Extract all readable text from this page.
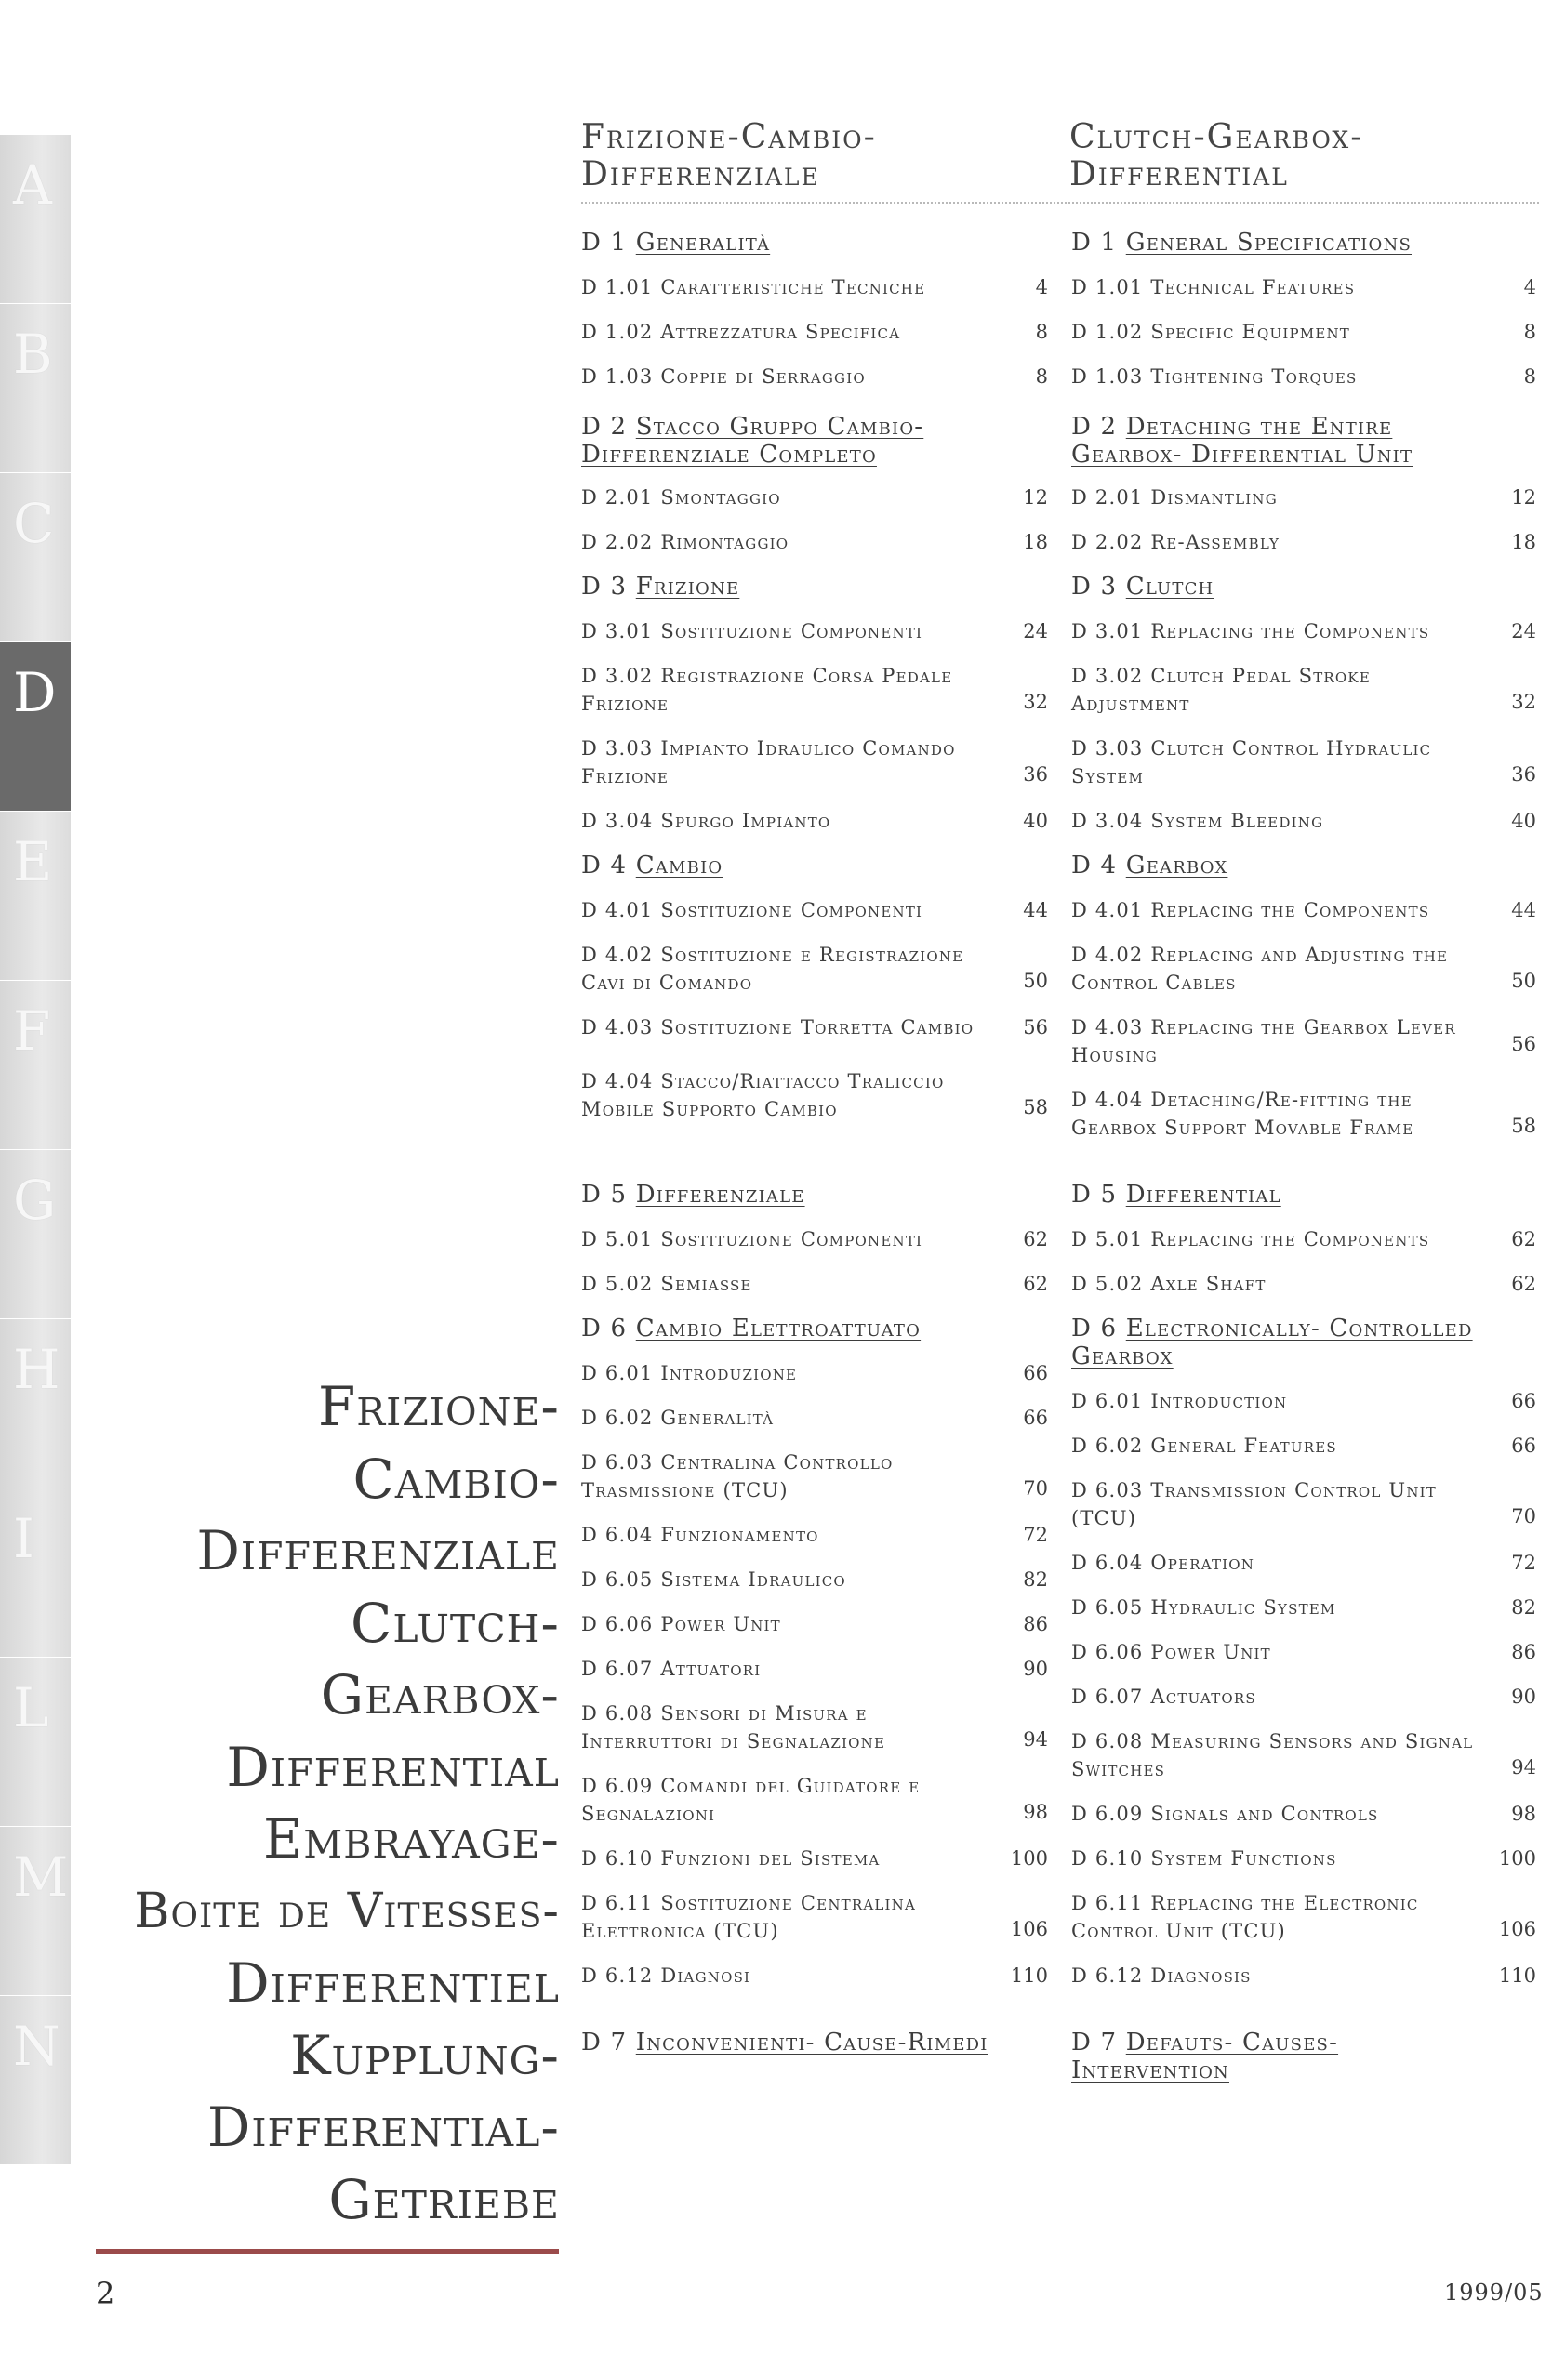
A
B
C
D
E
F
G
H
I
L
M
N
Frizione-Cambio-
Differenziale
Clutch-Gearbox-
Differential
D 1 Generalità
D 1.01 Caratteristiche Tecniche	4
D 1.02 Attrezzatura Specifica	8
D 1.03 Coppie di Serraggio	8
D 2 Stacco Gruppo Cambio- Differenziale Completo
D 2.01 Smontaggio	12
D 2.02 Rimontaggio	18
D 3 Frizione
D 3.01 Sostituzione Componenti	24
D 3.02 Registrazione Corsa Pedale Frizione	32
D 3.03 Impianto Idraulico Comando Frizione	36
D 3.04 Spurgo Impianto	40
D 4 Cambio
D 4.01 Sostituzione Componenti	44
D 4.02 Sostituzione e Registrazione Cavi di Comando	50
D 4.03 Sostituzione Torretta Cambio	56
D 4.04 Stacco/Riattacco Traliccio Mobile Supporto Cambio	58
D 5 Differenziale
D 5.01 Sostituzione Componenti	62
D 5.02 Semiasse	62
D 6 Cambio Elettroattuato
D 6.01 Introduzione	66
D 6.02 Generalità	66
D 6.03 Centralina Controllo Trasmissione (TCU)	70
D 6.04 Funzionamento	72
D 6.05 Sistema Idraulico	82
D 6.06 Power Unit	86
D 6.07 Attuatori	90
D 6.08 Sensori di Misura e Interruttori di Segnalazione	94
D 6.09 Comandi del Guidatore e Segnalazioni	98
D 6.10 Funzioni del Sistema	100
D 6.11 Sostituzione Centralina Elettronica (TCU)	106
D 6.12 Diagnosi	110
D 7 Inconvenienti- Cause-Rimedi
D 1 General Specifications
D 1.01 Technical Features	4
D 1.02 Specific Equipment	8
D 1.03 Tightening Torques	8
D 2 Detaching the Entire Gearbox- Differential Unit
D 2.01 Dismantling	12
D 2.02 Re-Assembly	18
D 3 Clutch
D 3.01 Replacing the Components	24
D 3.02 Clutch Pedal Stroke Adjustment	32
D 3.03 Clutch Control Hydraulic System	36
D 3.04 System Bleeding	40
D 4 Gearbox
D 4.01 Replacing the Components	44
D 4.02 Replacing and Adjusting the Control Cables	50
D 4.03 Replacing the Gearbox Lever Housing	56
D 4.04 Detaching/Re-fitting the Gearbox Support Movable Frame	58
D 5 Differential
D 5.01 Replacing the Components	62
D 5.02 Axle Shaft	62
D 6 Electronically- Controlled Gearbox
D 6.01 Introduction	66
D 6.02 General Features	66
D 6.03 Transmission Control Unit (TCU)	70
D 6.04 Operation	72
D 6.05 Hydraulic System	82
D 6.06 Power Unit	86
D 6.07 Actuators	90
D 6.08 Measuring Sensors and Signal Switches	94
D 6.09 Signals and Controls	98
D 6.10 System Functions	100
D 6.11 Replacing the Electronic Control Unit (TCU)	106
D 6.12 Diagnosis	110
D 7 Defauts- Causes-Intervention
Frizione-
Cambio-
Differenziale
Clutch-
Gearbox-
Differential
Embrayage-
Boite de Vitesses-
Differentiel
Kupplung-
Differential-
Getriebe
2	1999/05
